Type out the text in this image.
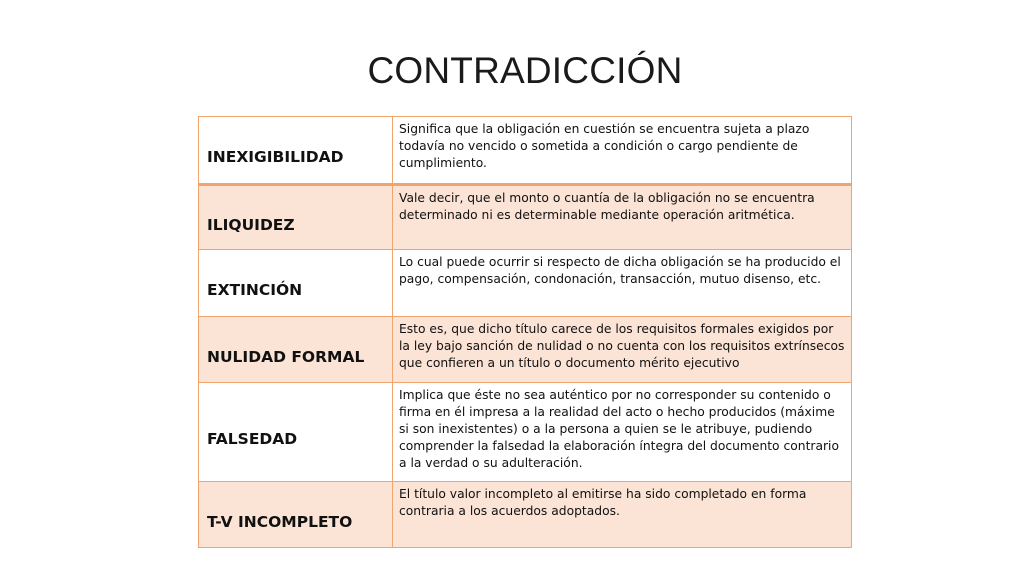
CONTRADICCIÓN
INEXIGIBILIDAD	Significa que la obligación en cuestión se encuentra sujeta a plazo todavía no vencido o sometida a condición o cargo pendiente de cumplimiento.
ILIQUIDEZ	Vale decir, que el monto o cuantía de la obligación no se encuentra determinado ni es determinable mediante operación aritmética.
EXTINCIÓN	Lo cual puede ocurrir si respecto de dicha obligación se ha producido el pago, compensación, condonación, transacción, mutuo disenso, etc.
NULIDAD FORMAL	Esto es, que dicho título carece de los requisitos formales exigidos por la ley bajo sanción de nulidad o no cuenta con los requisitos extrínsecos que confieren a un título o documento mérito ejecutivo
FALSEDAD	Implica que éste no sea auténtico por no corresponder su contenido o firma en él impresa a la realidad del acto o hecho producidos (máxime si son inexistentes) o a la persona a quien se le atribuye, pudiendo comprender la falsedad la elaboración íntegra del documento contrario a la verdad o su adulteración.
T-V INCOMPLETO	El título valor incompleto al emitirse ha sido completado en forma contraria a los acuerdos adoptados.
